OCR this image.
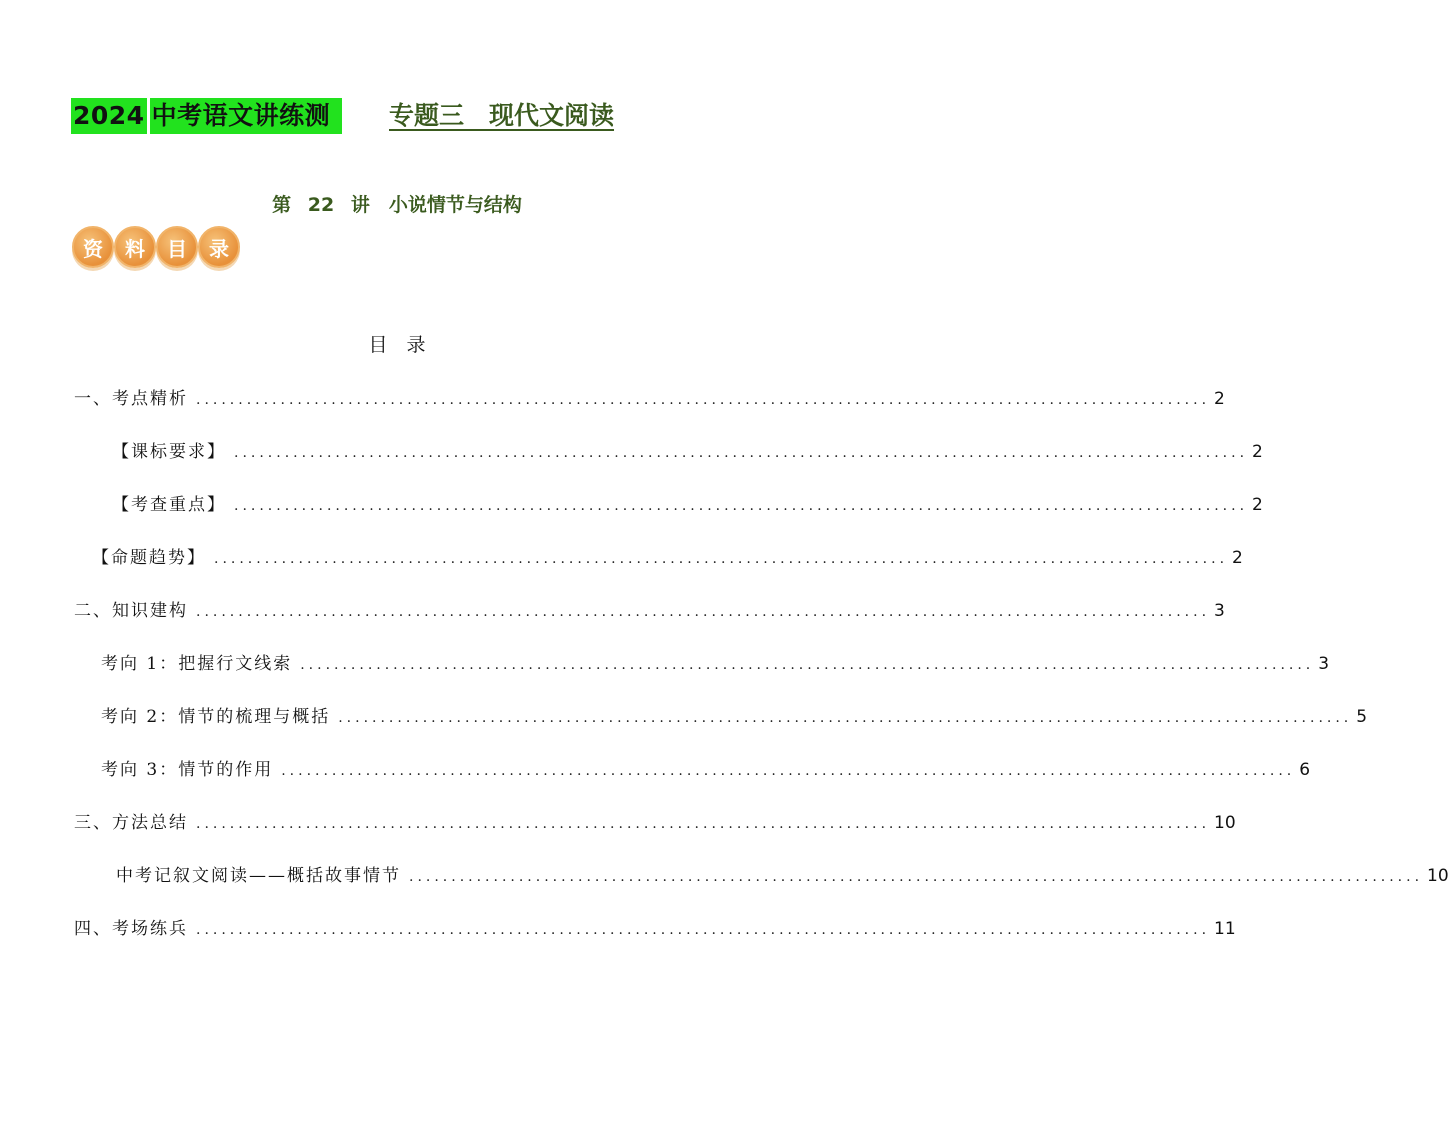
2024 中考语文讲练测	专题三　现代文阅读
第 22 讲　小说情节与结构
资	料	目	录
目　录
一、考点精析 ........................................................................................................................ 2
【课标要求】 ........................................................................................................................ 2
【考查重点】 ........................................................................................................................ 2
【命题趋势】 ........................................................................................................................ 2
二、知识建构 ........................................................................................................................ 3
考向 1：把握行文线索 ........................................................................................................................ 3
考向 2：情节的梳理与概括 ........................................................................................................................ 5
考向 3：情节的作用 ........................................................................................................................ 6
三、方法总结 ........................................................................................................................ 10
中考记叙文阅读——概括故事情节 ........................................................................................................................ 10
四、考场练兵 ........................................................................................................................ 11
